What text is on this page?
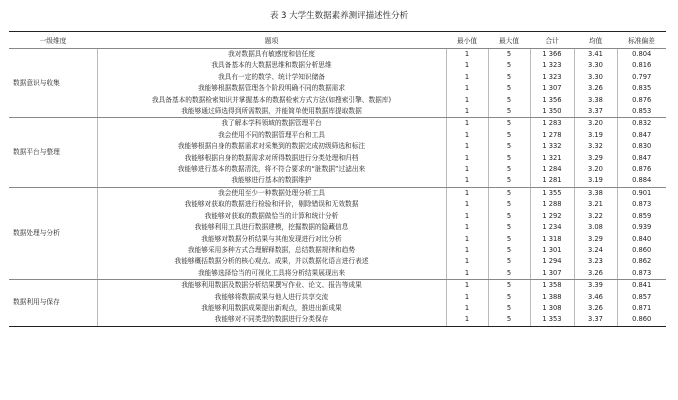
表 3 大学生数据素养测评描述性分析
一级维度	题项	最小值	最大值	合计	均值	标准偏差
数据意识与收集	我对数据具有敏感度和信任度	1	5	1 366	3.41	0.804
	我具备基本的大数据思维和数据分析思维	1	5	1 323	3.30	0.816
	我具有一定的数学、统计学知识储备	1	5	1 323	3.30	0.797
	我能够根据数据管理各个阶段明确不同的数据需求	1	5	1 307	3.26	0.835
	我具备基本的数据检索知识并掌握基本的数据检索方式方法(如搜索引擎、数据库)	1	5	1 356	3.38	0.876
	我能够通过筛选得到所需数据，并能简单使用数据库提取数据	1	5	1 350	3.37	0.853
数据平台与整理	我了解本学科领域的数据管理平台	1	5	1 283	3.20	0.832
	我会使用不同的数据管理平台和工具	1	5	1 278	3.19	0.847
	我能够根据自身的数据需求对采集到的数据完成初级筛选和标注	1	5	1 332	3.32	0.830
	我能够根据自身的数据需求对所得数据进行分类处理和归档	1	5	1 321	3.29	0.847
	我能够进行基本的数据清洗，将不符合要求的“脏数据”过滤出来	1	5	1 284	3.20	0.876
	我能够进行基本的数据维护	1	5	1 281	3.19	0.884
数据处理与分析	我会使用至少一种数据处理分析工具	1	5	1 355	3.38	0.901
	我能够对获取的数据进行检验和评价，剔除错误和无效数据	1	5	1 288	3.21	0.873
	我能够对获取的数据做恰当的计算和统计分析	1	5	1 292	3.22	0.859
	我能够利用工具进行数据建模，挖掘数据的隐藏信息	1	5	1 234	3.08	0.939
	我能够对数据分析结果与其他发现进行对比分析	1	5	1 318	3.29	0.840
	我能够采用多种方式合理解释数据，总结数据规律和趋势	1	5	1 301	3.24	0.860
	我能够概括数据分析的核心观点、成果，并以数据化语言进行表述	1	5	1 294	3.23	0.862
	我能够选择恰当的可视化工具将分析结果展现出来	1	5	1 307	3.26	0.873
数据利用与保存	我能够利用数据及数据分析结果撰写作业、论文、报告等成果	1	5	1 358	3.39	0.841
	我能够将数据成果与他人进行共享交流	1	5	1 388	3.46	0.857
	我能够利用数据成果提出新观点，推进出新成果	1	5	1 308	3.26	0.871
	我能够对不同类型的数据进行分类保存	1	5	1 353	3.37	0.860
